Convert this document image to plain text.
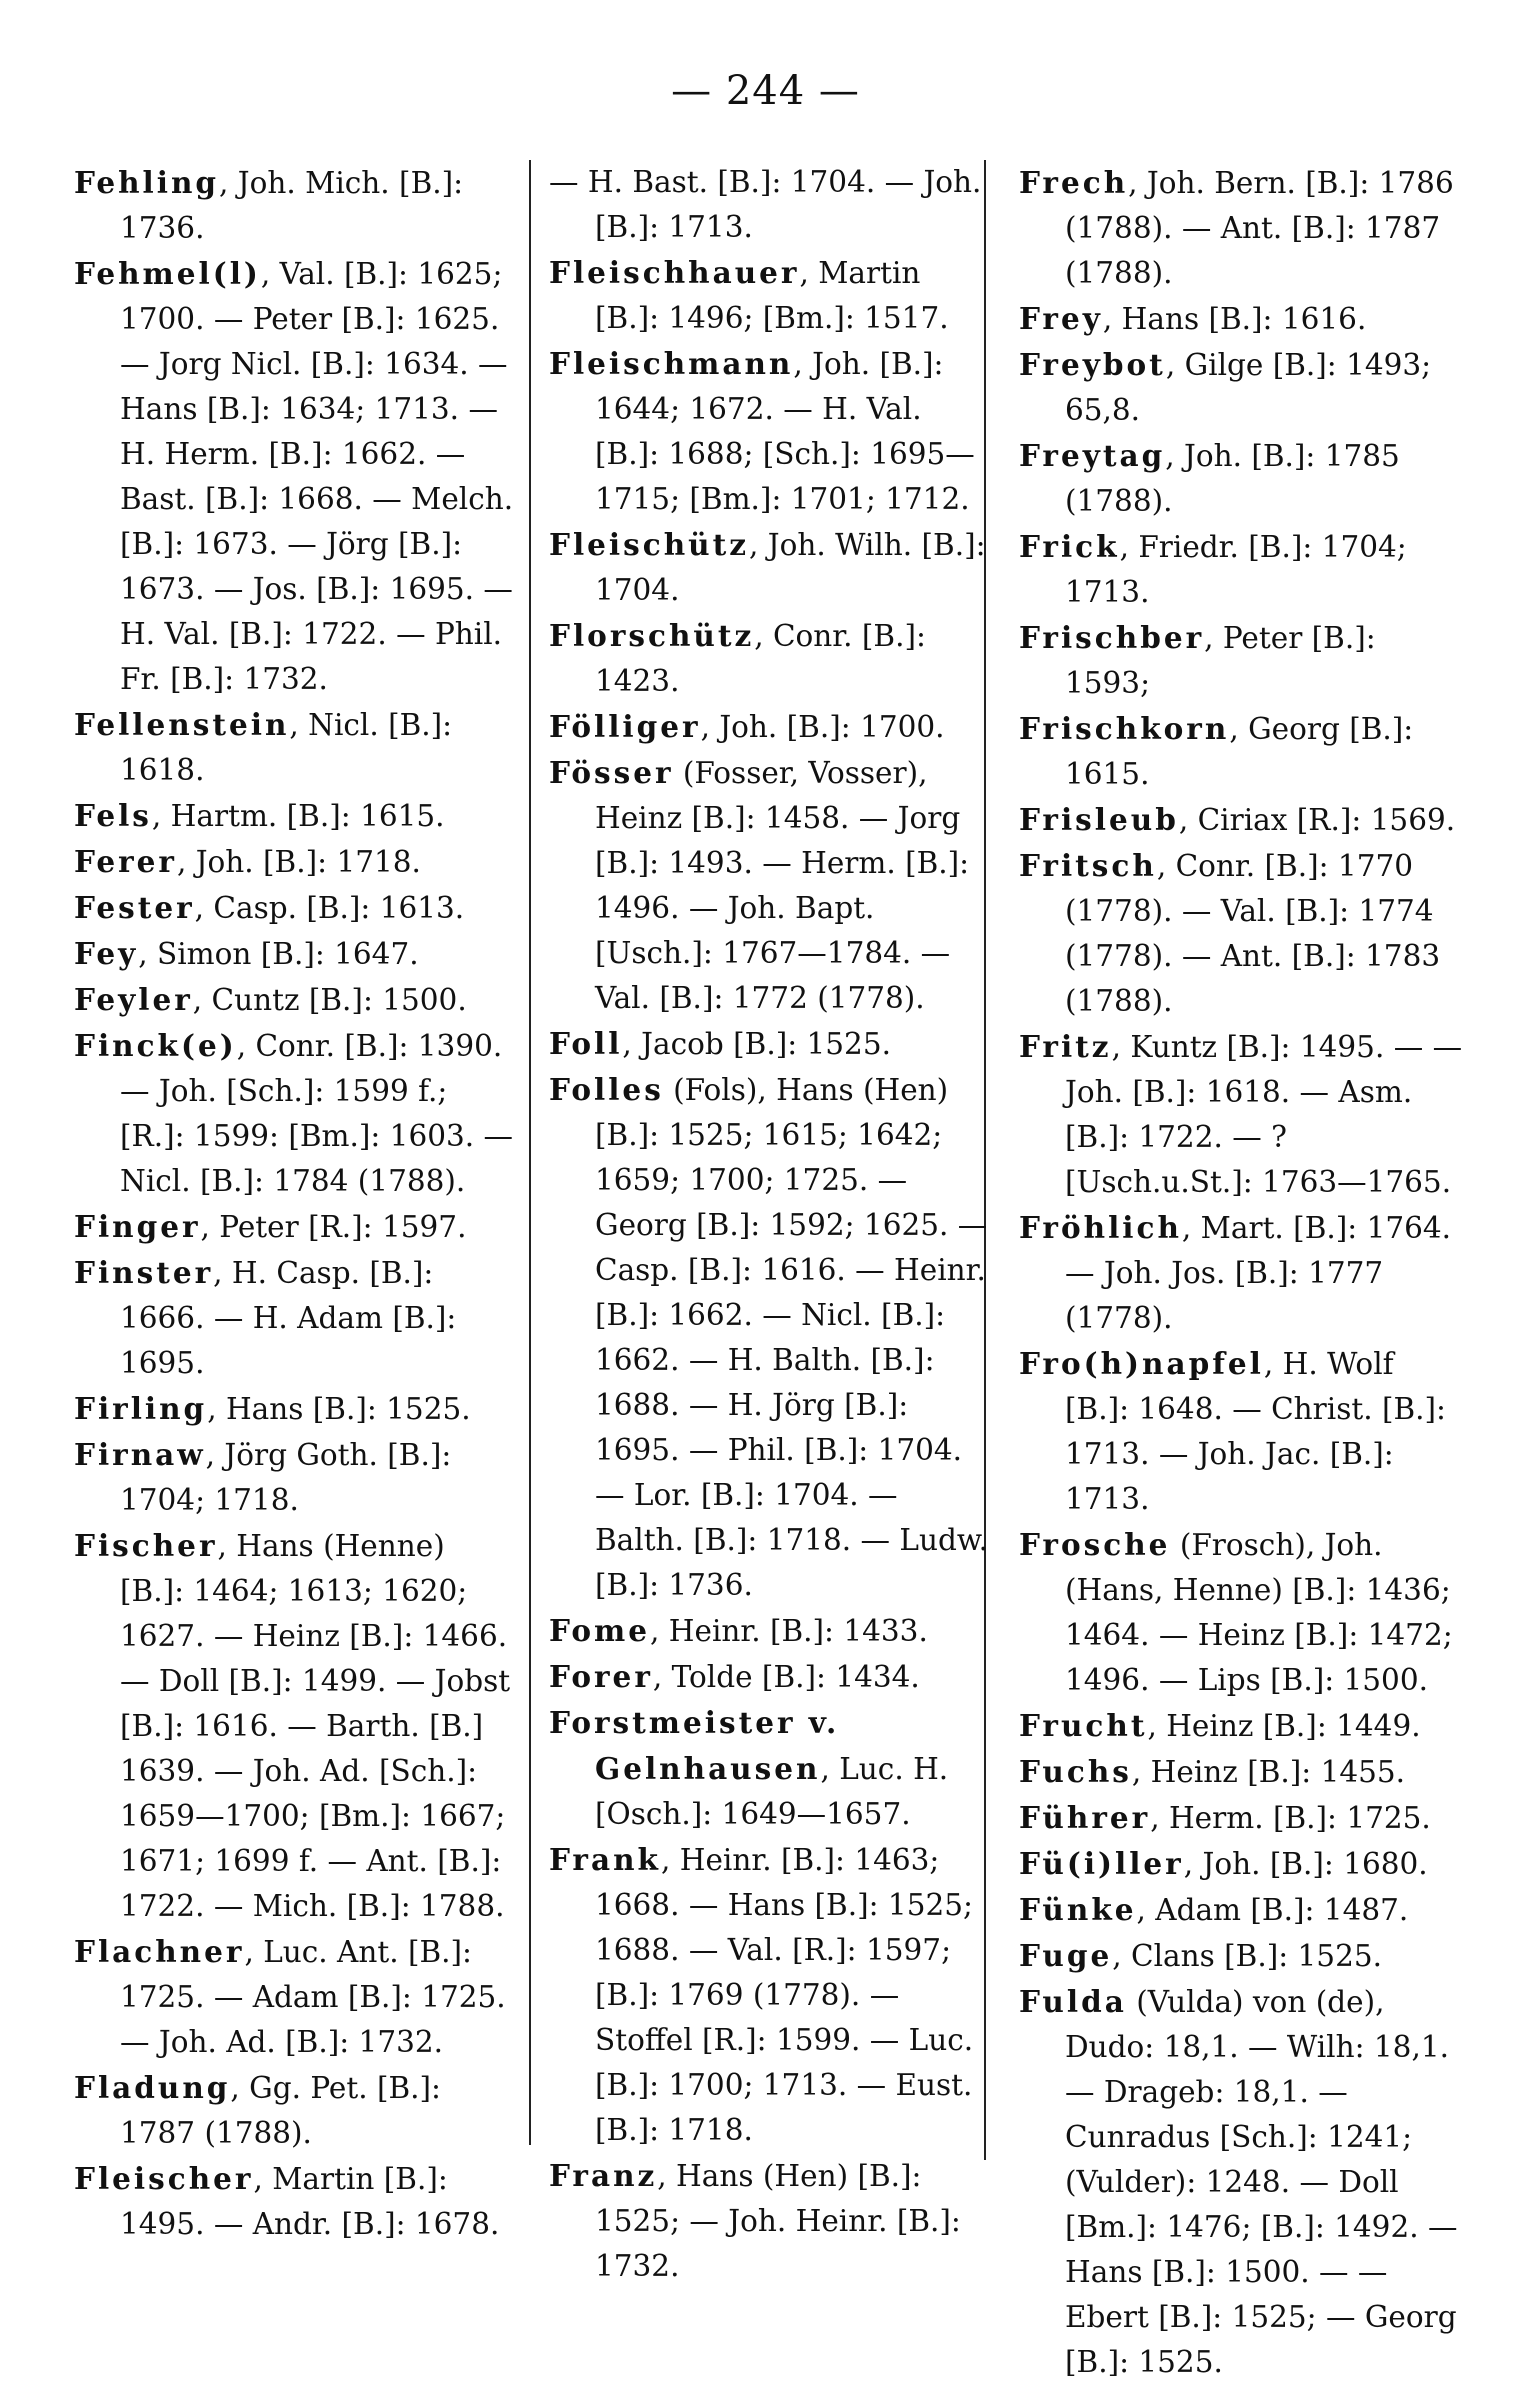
— 244 —

Fehling, Joh. Mich. [B.]: 1736.

Fehmel(l), Val. [B.]: 1625; 1700. — Peter [B.]: 1625. — Jorg Nicl. [B.]: 1634. — Hans [B.]: 1634; 1713. — H. Herm. [B.]: 1662. — Bast. [B.]: 1668. — Melch. [B.]: 1673. — Jörg [B.]: 1673. — Jos. [B.]: 1695. — H. Val. [B.]: 1722. — Phil. Fr. [B.]: 1732.

Fellenstein, Nicl. [B.]: 1618.

Fels, Hartm. [B.]: 1615.

Ferer, Joh. [B.]: 1718.

Fester, Casp. [B.]: 1613.

Fey, Simon [B.]: 1647.

Feyler, Cuntz [B.]: 1500.

Finck(e), Conr. [B.]: 1390. — Joh. [Sch.]: 1599 f.; [R.]: 1599: [Bm.]: 1603. — Nicl. [B.]: 1784 (1788).

Finger, Peter [R.]: 1597.

Finster, H. Casp. [B.]: 1666. — H. Adam [B.]: 1695.

Firling, Hans [B.]: 1525.

Firnaw, Jörg Goth. [B.]: 1704; 1718.

Fischer, Hans (Henne) [B.]: 1464; 1613; 1620; 1627. — Heinz [B.]: 1466. — Doll [B.]: 1499. — Jobst [B.]: 1616. — Barth. [B.] 1639. — Joh. Ad. [Sch.]: 1659—1700; [Bm.]: 1667; 1671; 1699 f. — Ant. [B.]: 1722. — Mich. [B.]: 1788.

Flachner, Luc. Ant. [B.]: 1725. — Adam [B.]: 1725. — Joh. Ad. [B.]: 1732.

Fladung, Gg. Pet. [B.]: 1787 (1788).

Fleischer, Martin [B.]: 1495. — Andr. [B.]: 1678.

— H. Bast. [B.]: 1704. — Joh. [B.]: 1713.

Fleischhauer, Martin [B.]: 1496; [Bm.]: 1517.

Fleischmann, Joh. [B.]: 1644; 1672. — H. Val. [B.]: 1688; [Sch.]: 1695—1715; [Bm.]: 1701; 1712.

Fleischütz, Joh. Wilh. [B.]: 1704.

Florschütz, Conr. [B.]: 1423.

Fölliger, Joh. [B.]: 1700.

Fösser (Fosser, Vosser), Heinz [B.]: 1458. — Jorg [B.]: 1493. — Herm. [B.]: 1496. — Joh. Bapt. [Usch.]: 1767—1784. — Val. [B.]: 1772 (1778).

Foll, Jacob [B.]: 1525.

Folles (Fols), Hans (Hen) [B.]: 1525; 1615; 1642; 1659; 1700; 1725. — Georg [B.]: 1592; 1625. — Casp. [B.]: 1616. — Heinr. [B.]: 1662. — Nicl. [B.]: 1662. — H. Balth. [B.]: 1688. — H. Jörg [B.]: 1695. — Phil. [B.]: 1704. — Lor. [B.]: 1704. — Balth. [B.]: 1718. — Ludw. [B.]: 1736.

Fome, Heinr. [B.]: 1433.

Forer, Tolde [B.]: 1434.

Forstmeister v. Gelnhausen, Luc. H. [Osch.]: 1649—1657.

Frank, Heinr. [B.]: 1463; 1668. — Hans [B.]: 1525; 1688. — Val. [R.]: 1597; [B.]: 1769 (1778). — Stoffel [R.]: 1599. — Luc. [B.]: 1700; 1713. — Eust. [B.]: 1718.

Franz, Hans (Hen) [B.]: 1525; — Joh. Heinr. [B.]: 1732.

Frech, Joh. Bern. [B.]: 1786 (1788). — Ant. [B.]: 1787 (1788).

Frey, Hans [B.]: 1616.

Freybot, Gilge [B.]: 1493; 65,8.

Freytag, Joh. [B.]: 1785 (1788).

Frick, Friedr. [B.]: 1704; 1713.

Frischber, Peter [B.]: 1593;

Frischkorn, Georg [B.]: 1615.

Frisleub, Ciriax [R.]: 1569.

Fritsch, Conr. [B.]: 1770 (1778). — Val. [B.]: 1774 (1778). — Ant. [B.]: 1783 (1788).

Fritz, Kuntz [B.]: 1495. — — Joh. [B.]: 1618. — Asm. [B.]: 1722. — ? [Usch.u.St.]: 1763—1765.

Fröhlich, Mart. [B.]: 1764. — Joh. Jos. [B.]: 1777 (1778).

Fro(h)napfel, H. Wolf [B.]: 1648. — Christ. [B.]: 1713. — Joh. Jac. [B.]: 1713.

Frosche (Frosch), Joh. (Hans, Henne) [B.]: 1436; 1464. — Heinz [B.]: 1472; 1496. — Lips [B.]: 1500.

Frucht, Heinz [B.]: 1449.

Fuchs, Heinz [B.]: 1455.

Führer, Herm. [B.]: 1725.

Fü(i)ller, Joh. [B.]: 1680.

Fünke, Adam [B.]: 1487.

Fuge, Clans [B.]: 1525.

Fulda (Vulda) von (de), Dudo: 18,1. — Wilh: 18,1. — Drageb: 18,1. — Cunradus [Sch.]: 1241; (Vulder): 1248. — Doll [Bm.]: 1476; [B.]: 1492. — Hans [B.]: 1500. — — Ebert [B.]: 1525; — Georg [B.]: 1525.
